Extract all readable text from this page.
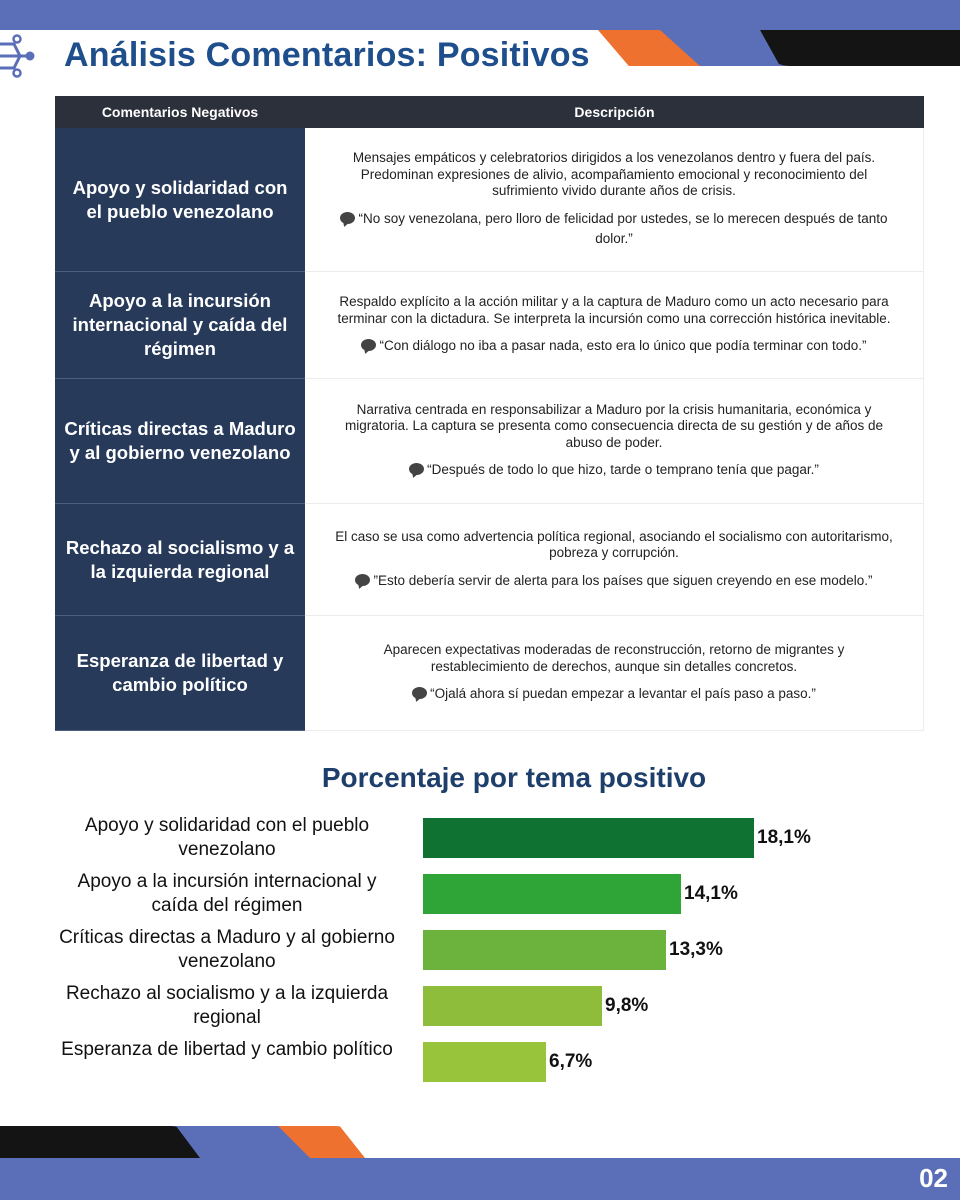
Análisis Comentarios: Positivos
Comentarios Negativos	Descripción
Apoyo y solidaridad con el pueblo venezolano
Mensajes empáticos y celebratorios dirigidos a los venezolanos dentro y fuera del país. Predominan expresiones de alivio, acompañamiento emocional y reconocimiento del sufrimiento vivido durante años de crisis.
“No soy venezolana, pero lloro de felicidad por ustedes, se lo merecen después de tanto dolor.”
Apoyo a la incursión internacional y caída del régimen
Respaldo explícito a la acción militar y a la captura de Maduro como un acto necesario para terminar con la dictadura. Se interpreta la incursión como una corrección histórica inevitable.
“Con diálogo no iba a pasar nada, esto era lo único que podía terminar con todo.”
Críticas directas a Maduro y al gobierno venezolano
Narrativa centrada en responsabilizar a Maduro por la crisis humanitaria, económica y migratoria. La captura se presenta como consecuencia directa de su gestión y de años de abuso de poder.
“Después de todo lo que hizo, tarde o temprano tenía que pagar.”
Rechazo al socialismo y a la izquierda regional
El caso se usa como advertencia política regional, asociando el socialismo con autoritarismo, pobreza y corrupción.
”Esto debería servir de alerta para los países que siguen creyendo en ese modelo.”
Esperanza de libertad y cambio político
Aparecen expectativas moderadas de reconstrucción, retorno de migrantes y restablecimiento de derechos, aunque sin detalles concretos.
“Ojalá ahora sí puedan empezar a levantar el país paso a paso.”
Porcentaje por tema positivo
Apoyo y solidaridad con el pueblo venezolano
18,1%
Apoyo a la incursión internacional y caída del régimen
14,1%
Críticas directas a Maduro y al gobierno venezolano
13,3%
Rechazo al socialismo y a la izquierda regional
9,8%
Esperanza de libertad y cambio político
6,7%
02
